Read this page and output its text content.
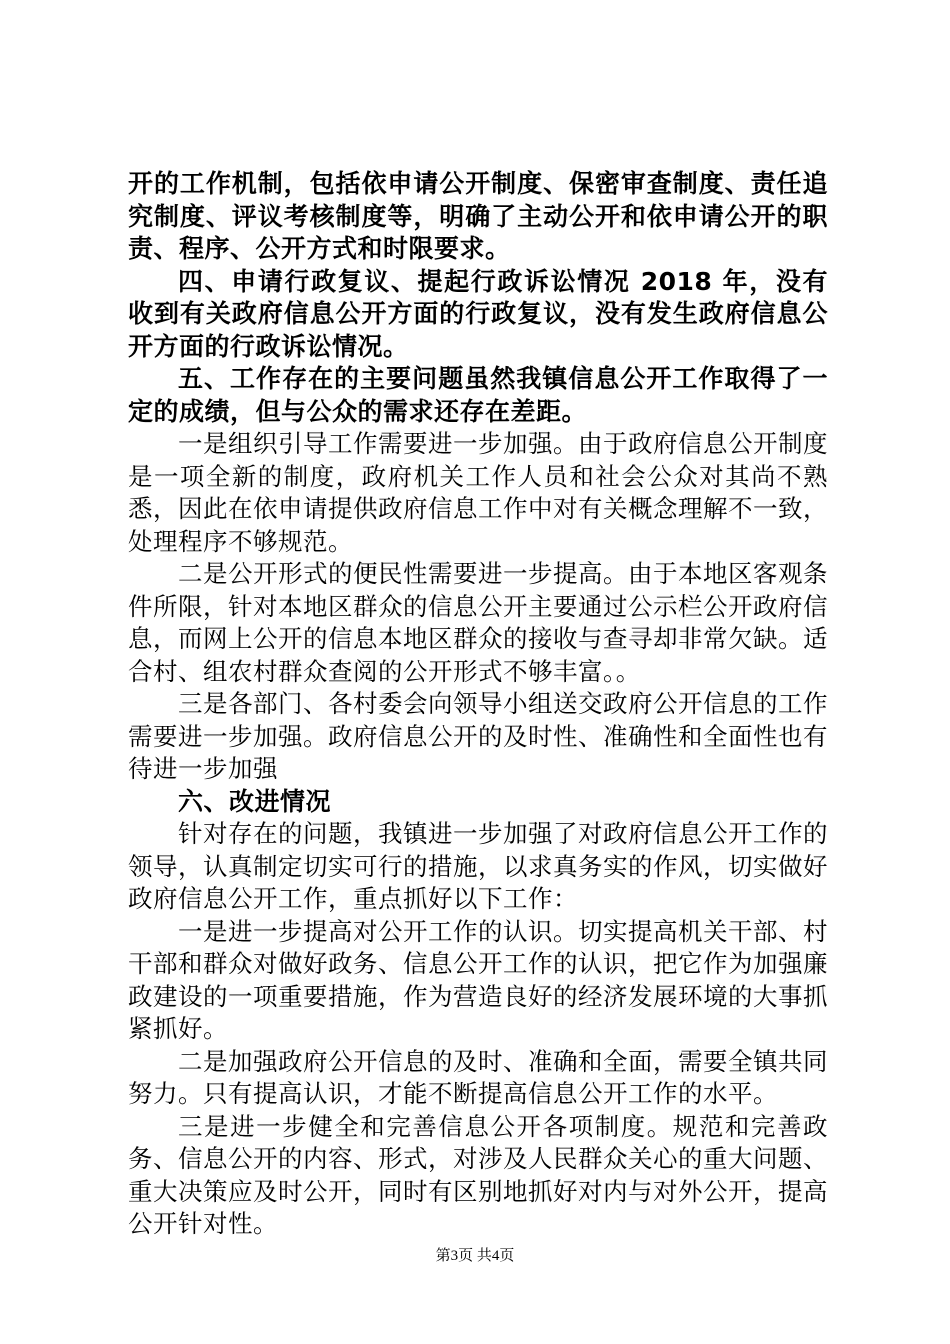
开的工作机制，包括依申请公开制度、保密审查制度、责任追究制度、评议考核制度等，明确了主动公开和依申请公开的职责、程序、公开方式和时限要求。

四、申请行政复议、提起行政诉讼情况 2018 年，没有收到有关政府信息公开方面的行政复议，没有发生政府信息公开方面的行政诉讼情况。

五、工作存在的主要问题虽然我镇信息公开工作取得了一定的成绩，但与公众的需求还存在差距。

一是组织引导工作需要进一步加强。由于政府信息公开制度是一项全新的制度，政府机关工作人员和社会公众对其尚不熟悉，因此在依申请提供政府信息工作中对有关概念理解不一致，处理程序不够规范。

二是公开形式的便民性需要进一步提高。由于本地区客观条件所限，针对本地区群众的信息公开主要通过公示栏公开政府信息，而网上公开的信息本地区群众的接收与查寻却非常欠缺。适合村、组农村群众查阅的公开形式不够丰富。。

三是各部门、各村委会向领导小组送交政府公开信息的工作需要进一步加强。政府信息公开的及时性、准确性和全面性也有待进一步加强

六、改进情况

针对存在的问题，我镇进一步加强了对政府信息公开工作的领导，认真制定切实可行的措施，以求真务实的作风，切实做好政府信息公开工作，重点抓好以下工作：

一是进一步提高对公开工作的认识。切实提高机关干部、村干部和群众对做好政务、信息公开工作的认识，把它作为加强廉政建设的一项重要措施，作为营造良好的经济发展环境的大事抓紧抓好。

二是加强政府公开信息的及时、准确和全面，需要全镇共同努力。只有提高认识，才能不断提高信息公开工作的水平。

三是进一步健全和完善信息公开各项制度。规范和完善政务、信息公开的内容、形式，对涉及人民群众关心的重大问题、重大决策应及时公开，同时有区别地抓好对内与对外公开，提高公开针对性。

第3页 共4页
